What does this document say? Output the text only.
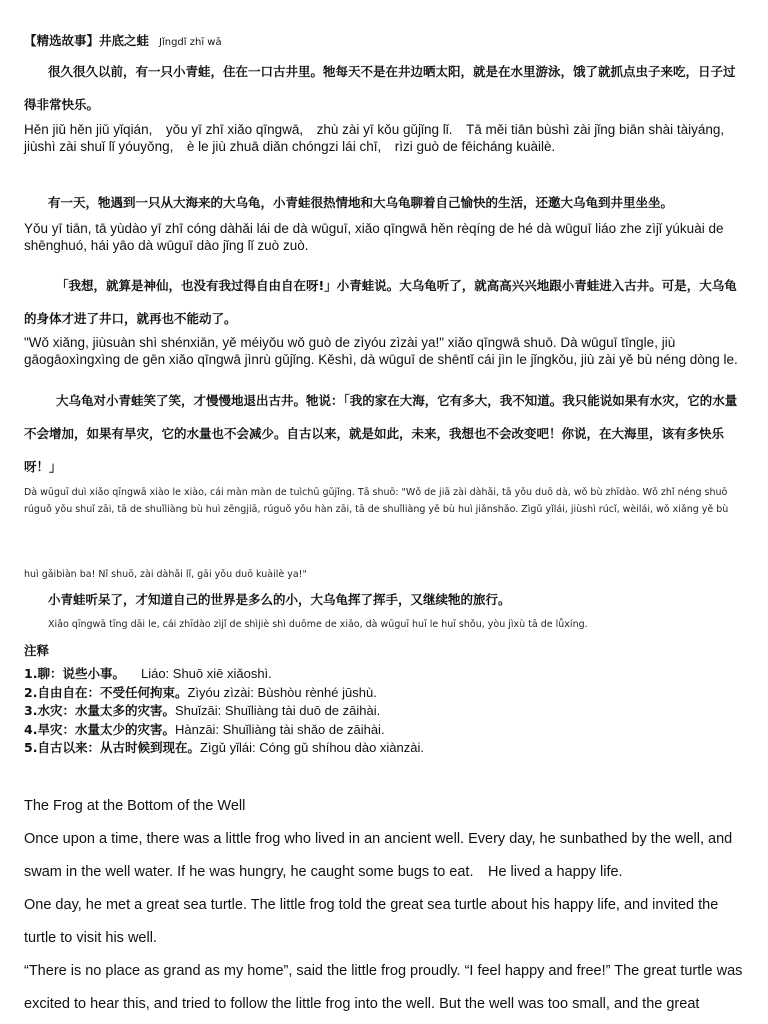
【精选故事】井底之蛙 Jǐngdǐ zhī wā

很久很久以前，有一只小青蛙，住在一口古井里。牠每天不是在井边晒太阳，就是在水里游泳，饿了就抓点虫子来吃，日子过得非常快乐。

Hěn jiǔ hěn jiǔ yǐqián,　yǒu yī zhī xiǎo qīngwā,　zhù zài yī kǒu gǔjǐng lǐ.　Tā měi tiān bùshì zài jǐng biān shài tàiyáng, jiùshì zài shuǐ lǐ yóuyǒng,　è le jiù zhuā diǎn chóngzi lái chī,　rìzi guò de fēicháng kuàilè.

有一天，牠遇到一只从大海来的大乌龟，小青蛙很热情地和大乌龟聊着自己愉快的生活，还邀大乌龟到井里坐坐。

Yǒu yī tiān, tā yùdào yī zhī cóng dàhǎi lái de dà wūguī, xiǎo qīngwā hěn rèqíng de hé dà wūguī liáo zhe zìjǐ yúkuài de shēnghuó, hái yāo dà wūguī dào jǐng lǐ zuò zuò.

「我想，就算是神仙，也没有我过得自由自在呀!」小青蛙说。大乌龟听了，就高高兴兴地跟小青蛙进入古井。可是，大乌龟的身体才进了井口，就再也不能动了。

"Wǒ xiǎng, jiùsuàn shì shénxiān, yě méiyǒu wǒ guò de zìyóu zìzài ya!" xiǎo qīngwā shuō. Dà wūguī tīngle, jiù gāogāoxìngxìng de gēn xiǎo qīngwā jìnrù gǔjǐng. Kěshì, dà wūguī de shēntǐ cái jìn le jǐngkǒu, jiù zài yě bù néng dòng le.

大乌龟对小青蛙笑了笑，才慢慢地退出古井。牠说：「我的家在大海，它有多大，我不知道。我只能说如果有水灾，它的水量不会增加，如果有旱灾，它的水量也不会减少。自古以来，就是如此，未来，我想也不会改变吧！你说，在大海里，该有多快乐呀！」

Dà wūguī duì xiǎo qīngwā xiào le xiào, cái màn màn de tuìchū gǔjǐng. Tā shuō: "Wǒ de jiā zài dàhǎi, tā yǒu duō dà, wǒ bù zhīdào. Wǒ zhǐ néng shuō rúguǒ yǒu shuǐ zāi, tā de shuǐliàng bù huì zēngjiā, rúguǒ yǒu hàn zāi, tā de shuǐliàng yě bù huì jiǎnshǎo. Zìgǔ yǐlái, jiùshì rúcǐ, wèilái, wǒ xiǎng yě bù

huì gǎibiàn ba! Nǐ shuō, zài dàhǎi lǐ, gāi yǒu duō kuàilè ya!"

小青蛙听呆了，才知道自己的世界是多么的小，大乌龟挥了挥手，又继续牠的旅行。

Xiǎo qīngwā tīng dāi le, cái zhīdào zìjǐ de shìjiè shì duōme de xiǎo, dà wūguī huī le huī shǒu, yòu jìxù tā de lǚxíng.

注释

1.聊：说些小事。 Liáo: Shuō xiē xiǎoshì.

2.自由自在：不受任何拘束。Zìyóu zìzài: Bùshòu rènhé jūshù.

3.水灾：水量太多的灾害。Shuǐzāi: Shuǐliàng tài duō de zāihài.

4.旱灾：水量太少的灾害。Hànzāi: Shuǐliàng tài shǎo de zāihài.

5.自古以来：从古时候到现在。Zìgǔ yǐlái: Cóng gǔ shíhou dào xiànzài.

The Frog at the Bottom of the Well

Once upon a time, there was a little frog who lived in an ancient well. Every day, he sunbathed by the well, and swam in the well water. If he was hungry, he caught some bugs to eat.　He lived a happy life.

One day, he met a great sea turtle. The little frog told the great sea turtle about his happy life, and invited the turtle to visit his well.

“There is no place as grand as my home”, said the little frog proudly. “I feel happy and free!” The great turtle was excited to hear this, and tried to follow the little frog into the well. But the well was too small, and the great
